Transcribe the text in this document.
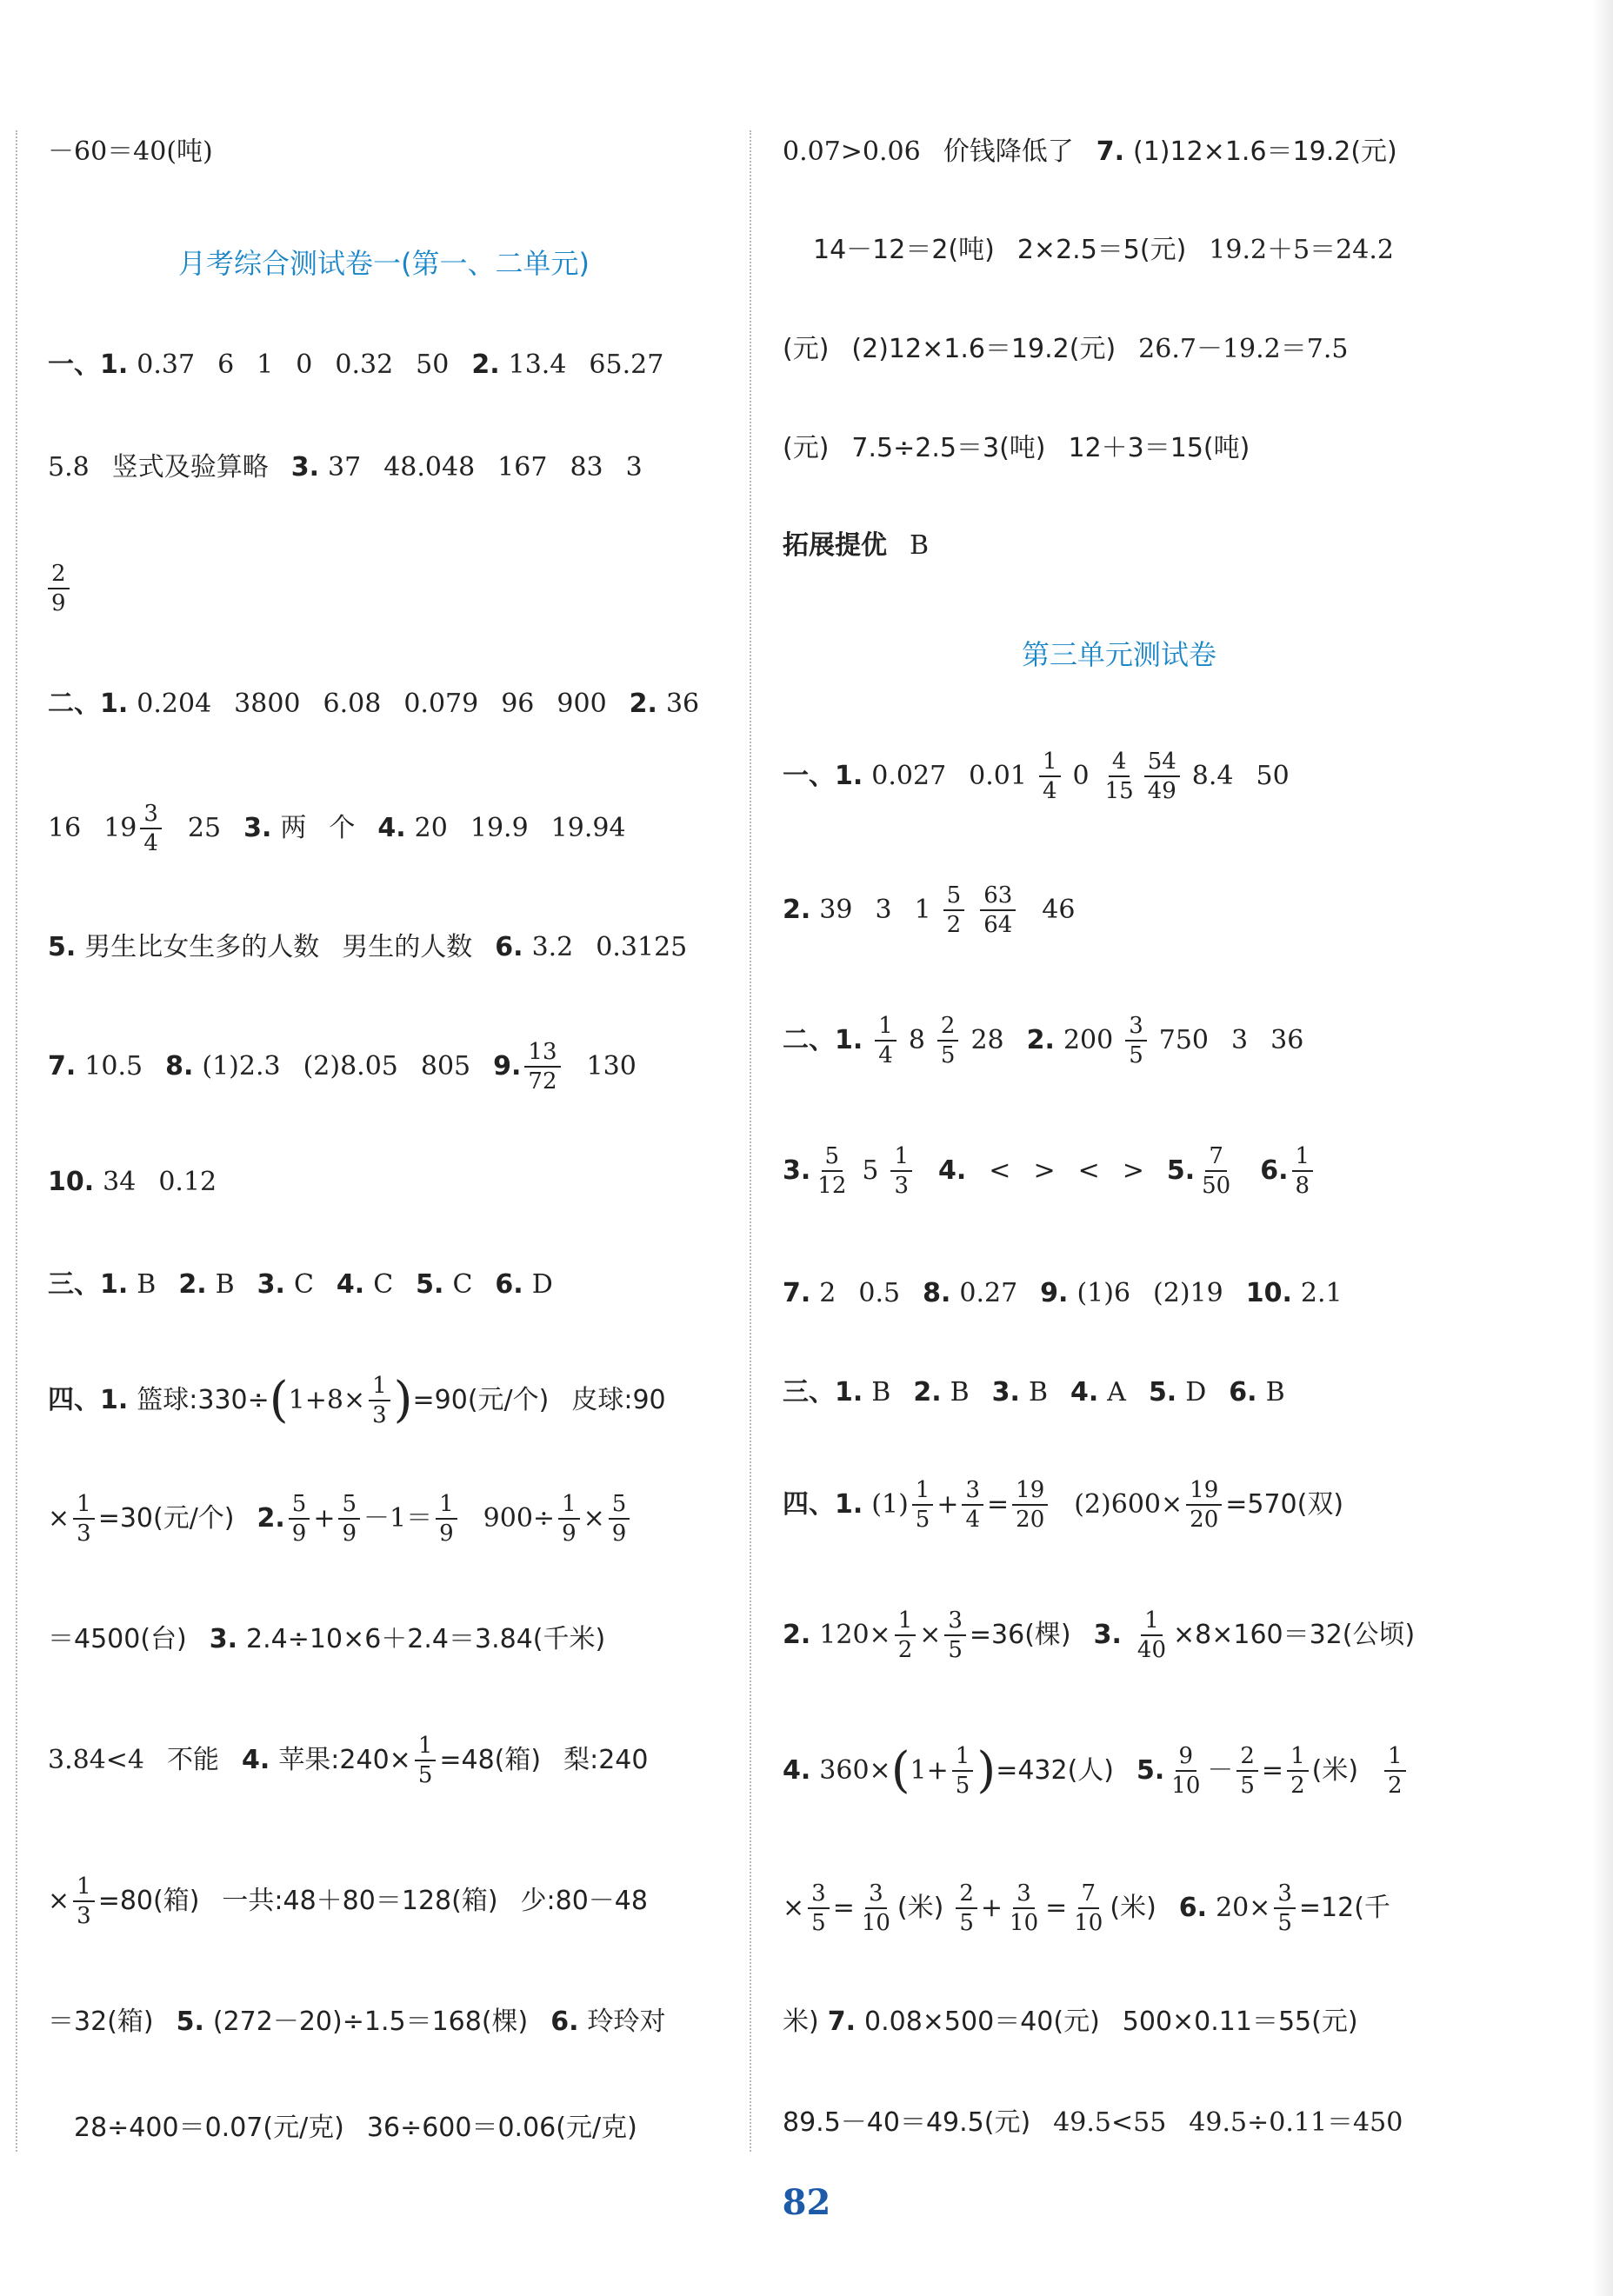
－60＝40(吨)
月考综合测试卷一(第一、二单元)
一、1. 0.37 6 1 0 0.32 50 2. 13.4 65.27
5.8 竖式及验算略 3. 37 48.048 167 83 3
$\frac{2}{9}$
二、1. 0.204 3800 6.08 0.079 96 900 2. 36
16 $19 \frac{3}{4} 25$ 3. 两 个 4. 20 19.9 19.94
5. 男生比女生多的人数 男生的人数 6. 3.2 0.3125
7. 10.5 8. (1)2.3 (2)8.05 805 9. $\frac{13}{72} 130$
10. 34 0.12
三、1. B 2. B 3. C 4. C 5. C 6. D
四、1. 篮球:330÷ ( $1+8\times \frac{1}{3}$ ) =90(元/个) 皮球:90
× $\frac{1}{3} =30$(元/个) 2. $\frac{5}{9} + \frac{5}{9} -1= \frac{1}{9} 900\div \frac{1}{9} \times \frac{5}{9}$
＝4500(台) 3. 2.4÷10×6＋2.4＝3.84(千米)
3.84<4 不能 4. 苹果:240× $\frac{1}{5} =48$(箱) 梨:240
× $\frac{1}{3} =80$(箱) 一共:48＋80＝128(箱) 少:80－48
＝32(箱) 5. (272－20)÷1.5＝168(棵) 6. 玲玲对
28÷400＝0.07(元/克) 36÷600＝0.06(元/克)
0.07>0.06 价钱降低了 7. (1)12×1.6＝19.2(元)
14－12＝2(吨) 2×2.5＝5(元) 19.2＋5＝24.2
(元) (2)12×1.6＝19.2(元) 26.7－19.2＝7.5
(元) 7.5÷2.5＝3(吨) 12＋3＝15(吨)
拓展提优 B
第三单元测试卷
一、1. 0.027 $0.01 \frac{1}{4} 0 \frac{4}{15} \frac{54}{49} 8.4$ 50
2. 39 3 $1 \frac{5}{2} \frac{63}{64} 46$
二、1. $\frac{1}{4} 8 \frac{2}{5} 28$ 2. $200 \frac{3}{5} 750$ 3 36
3. $\frac{5}{12} 5 \frac{1}{3} 4$. < > < > 5. $\frac{7}{50} 6$. $\frac{1}{8}$
7. 2 0.5 8. 0.27 9. (1)6 (2)19 10. 2.1
三、1. B 2. B 3. B 4. A 5. D 6. B
四、1. $(1) \frac{1}{5} + \frac{3}{4} = \frac{19}{20} (2)600\times \frac{19}{20} =570$(双)
2. $120\times \frac{1}{2} \times \frac{3}{5} =36$(棵) 3. $\frac{1}{40} \times 8\times 160=32$(公顷)
4. 360× ( $1+ \frac{1}{5}$ ) =432(人) 5. $\frac{9}{10} - \frac{2}{5} = \frac{1}{2}$ (米) $\frac{1}{2}$
× $\frac{3}{5} = \frac{3}{10}$ (米) $\frac{2}{5} + \frac{3}{10} = \frac{7}{10}$ (米) 6. $20\times \frac{3}{5} =12$(千
米) 7. 0.08×500＝40(元) 500×0.11＝55(元)
89.5－40＝49.5(元) 49.5<55 49.5÷0.11＝450
82
